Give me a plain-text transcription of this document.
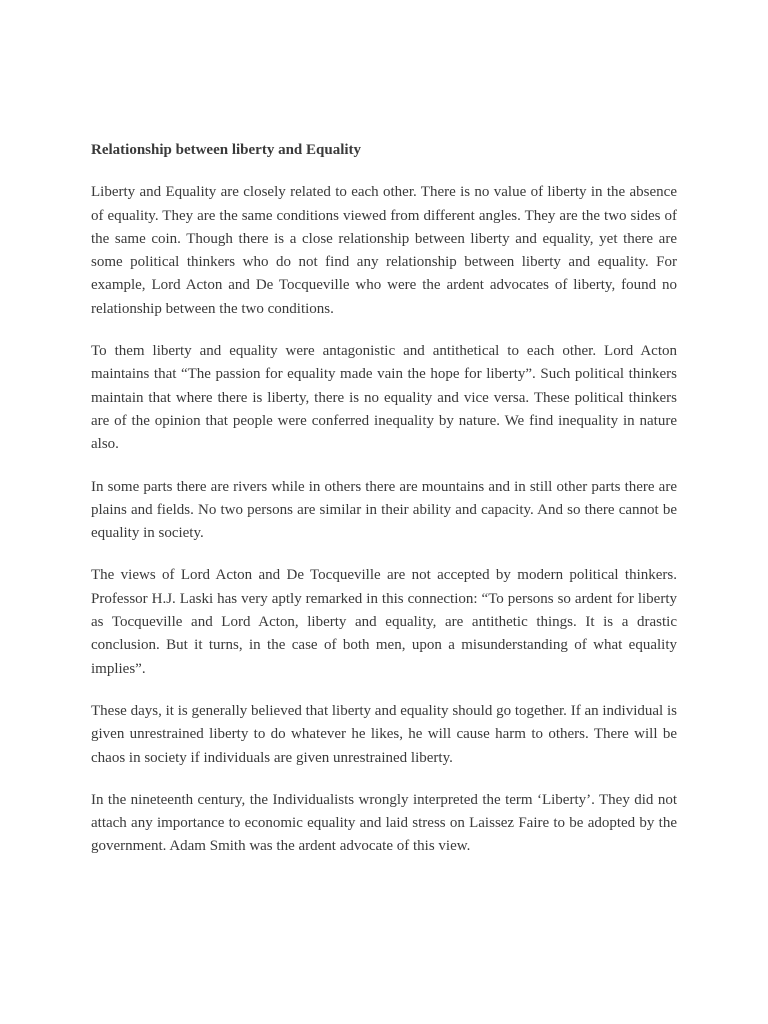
Relationship between liberty and Equality

Liberty and Equality are closely related to each other. There is no value of liberty in the absence of equality. They are the same conditions viewed from different angles. They are the two sides of the same coin. Though there is a close relationship between liberty and equality, yet there are some political thinkers who do not find any relationship between liberty and equality. For example, Lord Acton and De Tocqueville who were the ardent advocates of liberty, found no relationship between the two conditions.

To them liberty and equality were antagonistic and antithetical to each other. Lord Acton maintains that “The passion for equality made vain the hope for liberty”. Such political thinkers maintain that where there is liberty, there is no equality and vice versa. These political thinkers are of the opinion that people were conferred inequality by nature. We find inequality in nature also.

In some parts there are rivers while in others there are mountains and in still other parts there are plains and fields. No two persons are similar in their ability and capacity. And so there cannot be equality in society.

The views of Lord Acton and De Tocqueville are not accepted by modern political thinkers. Professor H.J. Laski has very aptly remarked in this connection: “To persons so ardent for liberty as Tocqueville and Lord Acton, liberty and equality, are antithetic things. It is a drastic conclusion. But it turns, in the case of both men, upon a misunderstanding of what equality implies”.

These days, it is generally believed that liberty and equality should go together. If an individual is given unrestrained liberty to do whatever he likes, he will cause harm to others. There will be chaos in society if individuals are given unrestrained liberty.

In the nineteenth century, the Individualists wrongly interpreted the term ‘Liberty’. They did not attach any importance to economic equality and laid stress on Laissez Faire to be adopted by the government. Adam Smith was the ardent advocate of this view.
